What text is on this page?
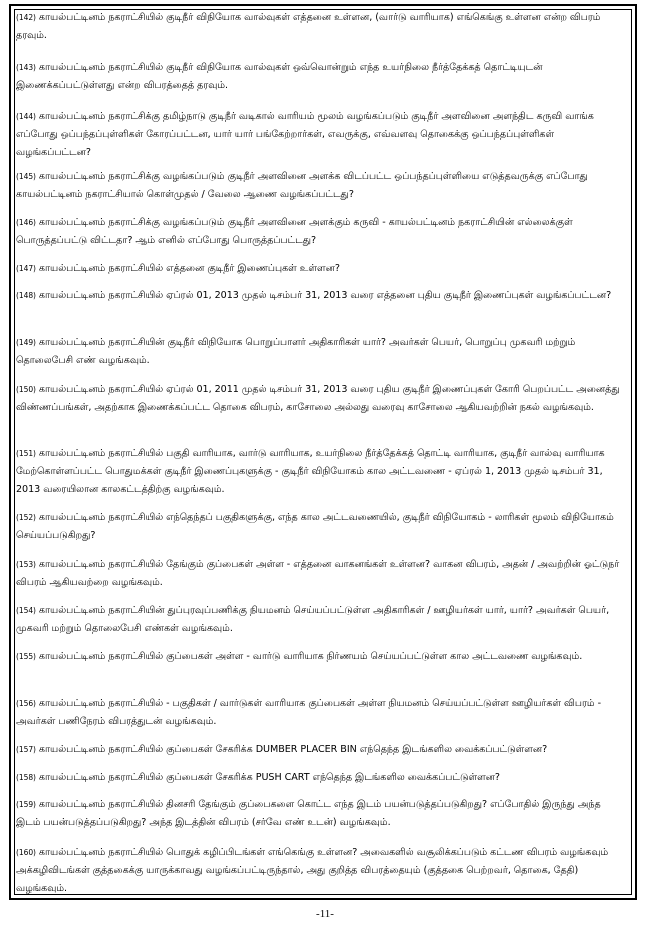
(142) காயல்பட்டினம் நகராட்சியில் குடிநீர் விநியோக வால்வுகள் எத்தனை உள்ளன, (வார்டு வாரியாக) எங்கெங்கு உள்ளன என்ற விபரம் தரவும்.

(143) காயல்பட்டினம் நகராட்சியில் குடிநீர் விநியோக வால்வுகள் ஒவ்வொன்றும் எந்த உயர்நிலை நீர்த்தேக்கத் தொட்டியுடன் இணைக்கப்பட்டுள்ளது என்ற விபரத்தைத் தரவும்.

(144) காயல்பட்டினம் நகராட்சிக்கு தமிழ்நாடு குடிநீர் வடிகால் வாரியம் மூலம் வழங்கப்படும் குடிநீர் அளவினை அளந்திட கருவி வாங்க எப்போது ஒப்பந்தப்புள்ளிகள் கோரப்பட்டன, யார் யார் பங்கேற்றார்கள், எவருக்கு, எவ்வளவு தொகைக்கு ஒப்பந்தப்புள்ளிகள் வழங்கப்பட்டன?

(145) காயல்பட்டினம் நகராட்சிக்கு வழங்கப்படும் குடிநீர் அளவினை அளக்க விடப்பட்ட ஒப்பந்தப்புள்ளியை எடுத்தவருக்கு எப்போது காயல்பட்டினம் நகராட்சியால் கொள்முதல் / வேலை ஆணை வழங்கப்பட்டது?

(146) காயல்பட்டினம் நகராட்சிக்கு வழங்கப்படும் குடிநீர் அளவினை அளக்கும் கருவி - காயல்பட்டினம் நகராட்சியின் எல்லைக்குள் பொருத்தப்பட்டு விட்டதா? ஆம் எனில் எப்போது பொருத்தப்பட்டது?

(147) காயல்பட்டினம் நகராட்சியில் எத்தனை குடிநீர் இணைப்புகள் உள்ளன?

(148) காயல்பட்டினம் நகராட்சியில் ஏப்ரல் 01, 2013 முதல் டிசம்பர் 31, 2013 வரை எத்தனை புதிய குடிநீர் இணைப்புகள் வழங்கப்பட்டன?

(149) காயல்பட்டினம் நகராட்சியின் குடிநீர் விநியோக பொறுப்பாளர் அதிகாரிகள் யார்? அவர்கள் பெயர், பொறுப்பு முகவரி மற்றும் தொலைபேசி எண் வழங்கவும்.

(150) காயல்பட்டினம் நகராட்சியில் ஏப்ரல் 01, 2011 முதல் டிசம்பர் 31, 2013 வரை புதிய குடிநீர் இணைப்புகள் கோரி பெறப்பட்ட அனைத்து விண்ணப்பங்கள், அதற்காக இணைக்கப்பட்ட தொகை விபரம், காசோலை அல்லது வரைவு காசோலை ஆகியவற்றின் நகல் வழங்கவும்.

(151) காயல்பட்டினம் நகராட்சியில் பகுதி வாரியாக, வார்டு வாரியாக, உயர்நிலை நீர்த்தேக்கத் தொட்டி வாரியாக, குடிநீர் வால்வு வாரியாக மேற்கொள்ளப்பட்ட பொதுமக்கள் குடிநீர் இணைப்புகளுக்கு - குடிநீர் விநியோகம் கால அட்டவணை - ஏப்ரல் 1, 2013 முதல் டிசம்பர் 31, 2013 வரையிலான காலகட்டத்திற்கு வழங்கவும்.

(152) காயல்பட்டினம் நகராட்சியில் எந்தெந்தப் பகுதிகளுக்கு, எந்த கால அட்டவணையில், குடிநீர் விநியோகம் - லாரிகள் மூலம் விநியோகம் செய்யப்படுகிறது?

(153) காயல்பட்டினம் நகராட்சியில் தேங்கும் குப்பைகள் அள்ள - எத்தனை வாகனங்கள் உள்ளன? வாகன விபரம், அதன் / அவற்றின் ஓட்டுநர் விபரம் ஆகியவற்றை வழங்கவும்.

(154) காயல்பட்டினம் நகராட்சியின் துப்புரவுப்பணிக்கு நியமனம் செய்யப்பட்டுள்ள அதிகாரிகள் / ஊழியர்கள் யார், யார்? அவர்கள் பெயர், முகவரி மற்றும் தொலைபேசி எண்கள் வழங்கவும்.

(155) காயல்பட்டினம் நகராட்சியில் குப்பைகள் அள்ள - வார்டு வாரியாக நிர்ணயம் செய்யப்பட்டுள்ள கால அட்டவணை வழங்கவும்.

(156) காயல்பட்டினம் நகராட்சியில் - பகுதிகள் / வார்டுகள் வாரியாக குப்பைகள் அள்ள நியமனம் செய்யப்பட்டுள்ள ஊழியர்கள் விபரம் - அவர்கள் பணிநேரம் விபரத்துடன் வழங்கவும்.

(157) காயல்பட்டினம் நகராட்சியில் குப்பைகள் சேகரிக்க DUMBER PLACER BIN எந்தெந்த இடங்களில வைக்கப்பட்டுள்ளன?

(158) காயல்பட்டினம் நகராட்சியில் குப்பைகள் சேகரிக்க PUSH CART எந்தெந்த இடங்களில வைக்கப்பட்டுள்ளன?

(159) காயல்பட்டினம் நகராட்சியில் தினசரி தேங்கும் குப்பைகளை கொட்ட எந்த இடம் பயன்படுத்தப்படுகிறது? எப்போதில் இருந்து அந்த இடம் பயன்படுத்தப்படுகிறது? அந்த இடத்தின் விபரம் (சர்வே எண் உடன்) வழங்கவும்.

(160) காயல்பட்டினம் நகராட்சியில் பொதுக் கழிப்பிடங்கள் எங்கெங்கு உள்ளன? அவைகளில் வசூலிக்கப்படும் கட்டண விபரம் வழங்கவும் அக்கழிவிடங்கள் குத்தகைக்கு யாருக்காவது வழங்கப்பட்டிருந்தால், அது குறித்த விபரத்தையும் (குத்தகை பெற்றவர், தொகை, தேதி) வழங்கவும்.

-11-
